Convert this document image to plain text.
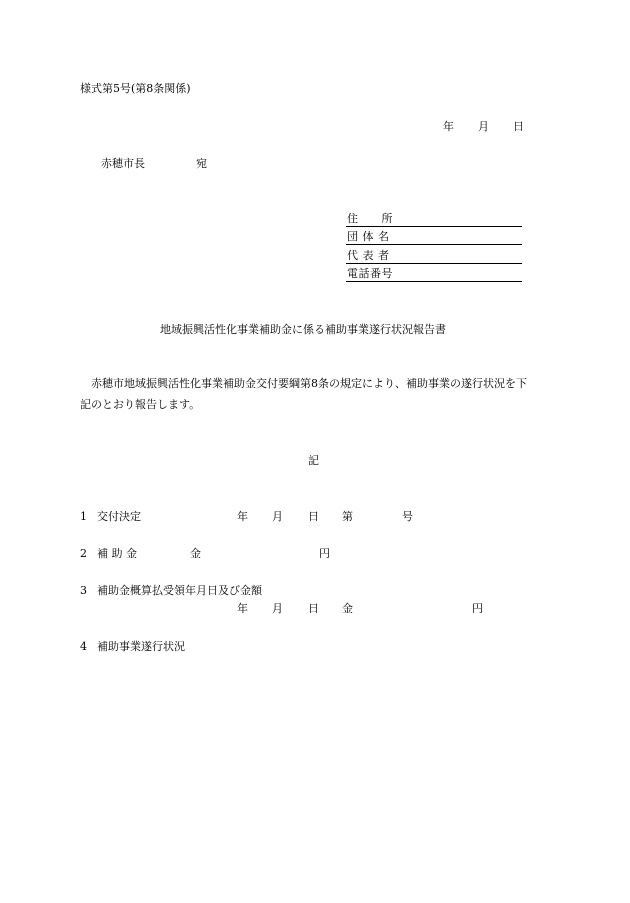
様式第5号(第8条関係)
年 月 日
赤穂市長	宛
住　　所
団 体 名
代 表 者
電話番号
地域振興活性化事業補助金に係る補助事業遂行状況報告書
赤穂市地域振興活性化事業補助金交付要綱第8条の規定により、補助事業の遂行状況を下
記のとおり報告します。
記
1 交付決定	年 月 日 第	号
2 補 助 金	金	円
3 補助金概算払受領年月日及び金額
年 月 日 金	円
4 補助事業遂行状況
